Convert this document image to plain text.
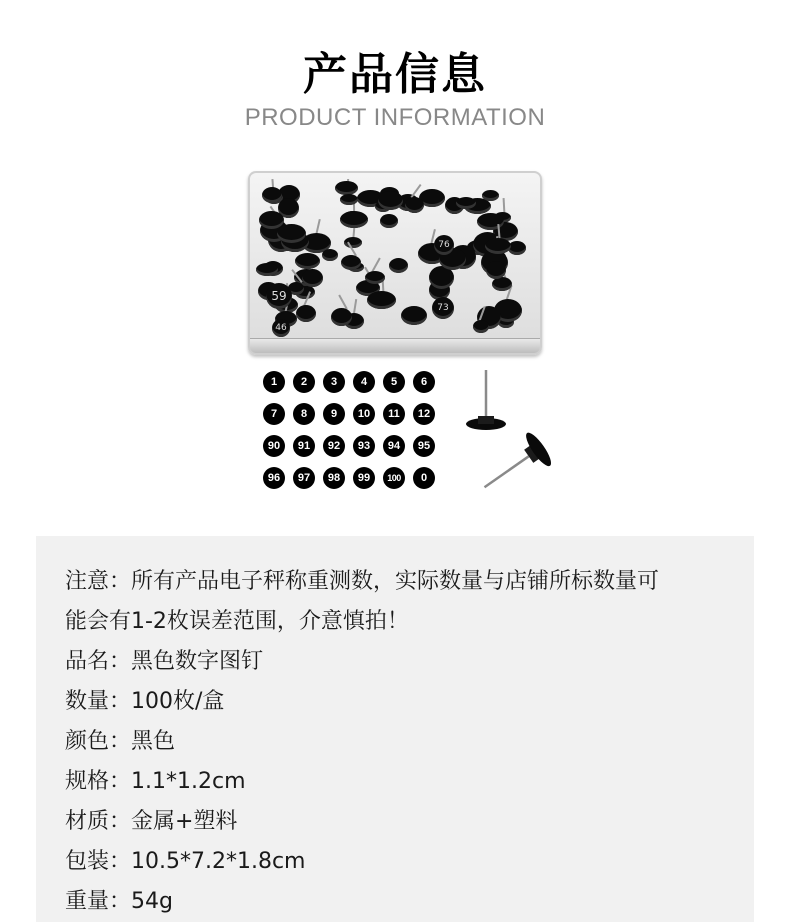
产品信息
PRODUCT INFORMATION
59
73
76
46
1	2	3	4	5	6
7	8	9	10	11	12
90	91	92	93	94	95
96	97	98	99	100	0
注意：所有产品电子秤称重测数，实际数量与店铺所标数量可
能会有1-2枚误差范围，介意慎拍！
品名：黑色数字图钉
数量：100枚/盒
颜色：黑色
规格：1.1*1.2cm
材质：金属+塑料
包装：10.5*7.2*1.8cm
重量：54g
